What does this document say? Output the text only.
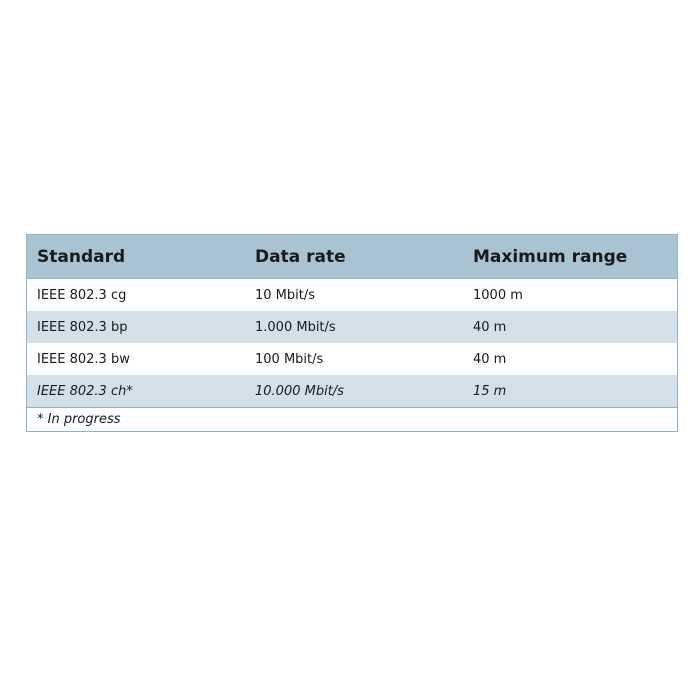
Standard	Data rate	Maximum range
IEEE 802.3 cg	10 Mbit/s	1000 m
IEEE 802.3 bp	1.000 Mbit/s	40 m
IEEE 802.3 bw	100 Mbit/s	40 m
IEEE 802.3 ch*	10.000 Mbit/s	15 m
* In progress
